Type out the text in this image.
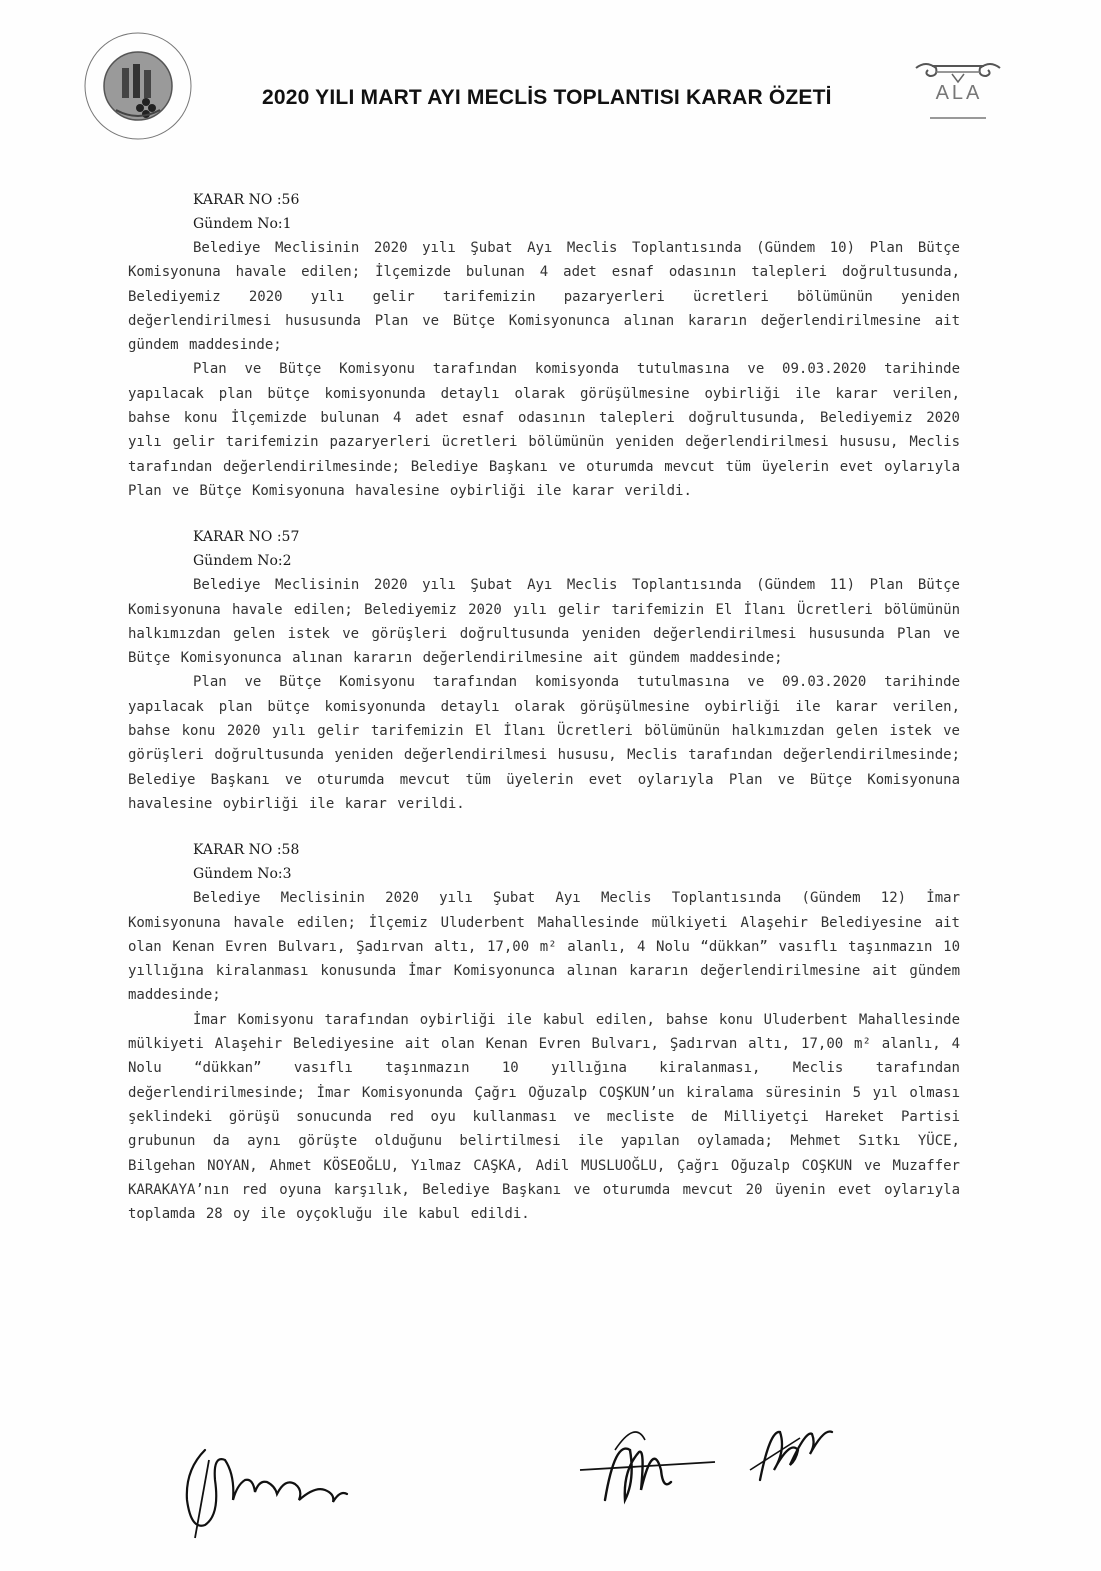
2020 YILI MART AYI MECLİS TOPLANTISI KARAR ÖZETİ	ALA
KARAR NO :56
Gündem No:1

Belediye Meclisinin 2020 yılı Şubat Ayı Meclis Toplantısında (Gündem 10) Plan Bütçe Komisyonuna havale edilen; İlçemizde bulunan 4 adet esnaf odasının talepleri doğrultusunda, Belediyemiz 2020 yılı gelir tarifemizin pazaryerleri ücretleri bölümünün yeniden değerlendirilmesi hususunda Plan ve Bütçe Komisyonunca alınan kararın değerlendirilmesine ait gündem maddesinde;

Plan ve Bütçe Komisyonu tarafından komisyonda tutulmasına ve 09.03.2020 tarihinde yapılacak plan bütçe komisyonunda detaylı olarak görüşülmesine oybirliği ile karar verilen, bahse konu İlçemizde bulunan 4 adet esnaf odasının talepleri doğrultusunda, Belediyemiz 2020 yılı gelir tarifemizin pazaryerleri ücretleri bölümünün yeniden değerlendirilmesi hususu, Meclis tarafından değerlendirilmesinde; Belediye Başkanı ve oturumda mevcut tüm üyelerin evet oylarıyla Plan ve Bütçe Komisyonuna havalesine oybirliği ile karar verildi.

KARAR NO :57
Gündem No:2

Belediye Meclisinin 2020 yılı Şubat Ayı Meclis Toplantısında (Gündem 11) Plan Bütçe Komisyonuna havale edilen; Belediyemiz 2020 yılı gelir tarifemizin El İlanı Ücretleri bölümünün halkımızdan gelen istek ve görüşleri doğrultusunda yeniden değerlendirilmesi hususunda Plan ve Bütçe Komisyonunca alınan kararın değerlendirilmesine ait gündem maddesinde;

Plan ve Bütçe Komisyonu tarafından komisyonda tutulmasına ve 09.03.2020 tarihinde yapılacak plan bütçe komisyonunda detaylı olarak görüşülmesine oybirliği ile karar verilen, bahse konu 2020 yılı gelir tarifemizin El İlanı Ücretleri bölümünün halkımızdan gelen istek ve görüşleri doğrultusunda yeniden değerlendirilmesi hususu, Meclis tarafından değerlendirilmesinde; Belediye Başkanı ve oturumda mevcut tüm üyelerin evet oylarıyla Plan ve Bütçe Komisyonuna havalesine oybirliği ile karar verildi.

KARAR NO :58
Gündem No:3

Belediye Meclisinin 2020 yılı Şubat Ayı Meclis Toplantısında (Gündem 12) İmar Komisyonuna havale edilen; İlçemiz Uluderbent Mahallesinde mülkiyeti Alaşehir Belediyesine ait olan Kenan Evren Bulvarı, Şadırvan altı, 17,00 m² alanlı, 4 Nolu “dükkan” vasıflı taşınmazın 10 yıllığına kiralanması konusunda İmar Komisyonunca alınan kararın değerlendirilmesine ait gündem maddesinde;

İmar Komisyonu tarafından oybirliği ile kabul edilen, bahse konu Uluderbent Mahallesinde mülkiyeti Alaşehir Belediyesine ait olan Kenan Evren Bulvarı, Şadırvan altı, 17,00 m² alanlı, 4 Nolu “dükkan” vasıflı taşınmazın 10 yıllığına kiralanması, Meclis tarafından değerlendirilmesinde; İmar Komisyonunda Çağrı Oğuzalp COŞKUN’un kiralama süresinin 5 yıl olması şeklindeki görüşü sonucunda red oyu kullanması ve mecliste de Milliyetçi Hareket Partisi grubunun da aynı görüşte olduğunu belirtilmesi ile yapılan oylamada; Mehmet Sıtkı YÜCE, Bilgehan NOYAN, Ahmet KÖSEOĞLU, Yılmaz CAŞKA, Adil MUSLUOĞLU, Çağrı Oğuzalp COŞKUN ve Muzaffer KARAKAYA’nın red oyuna karşılık, Belediye Başkanı ve oturumda mevcut 20 üyenin evet oylarıyla toplamda 28 oy ile oyçokluğu ile kabul edildi.
